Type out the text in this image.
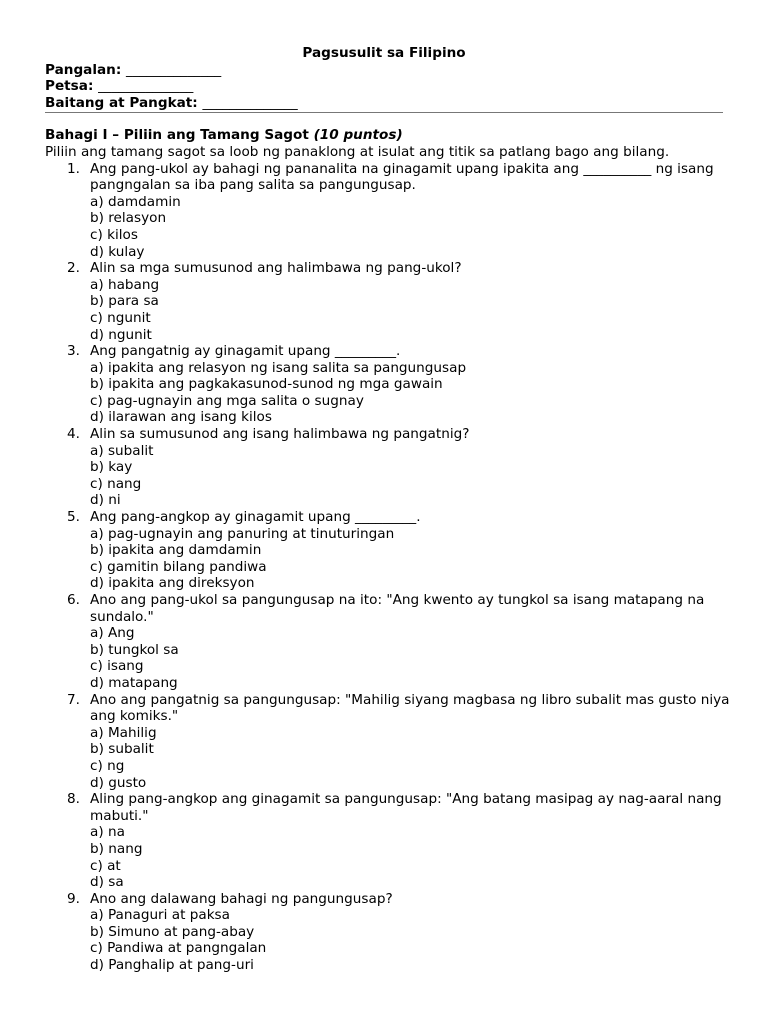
Pagsusulit sa Filipino
Pangalan: ______________
Petsa: ______________
Baitang at Pangkat: ______________
Bahagi I – Piliin ang Tamang Sagot (10 puntos)
Piliin ang tamang sagot sa loob ng panaklong at isulat ang titik sa patlang bago ang bilang.
1. Ang pang-ukol ay bahagi ng pananalita na ginagamit upang ipakita ang __________ ng isang pangngalan sa iba pang salita sa pangungusap.
a) damdamin
b) relasyon
c) kilos
d) kulay
2. Alin sa mga sumusunod ang halimbawa ng pang-ukol?
a) habang
b) para sa
c) ngunit
d) ngunit
3. Ang pangatnig ay ginagamit upang _________.
a) ipakita ang relasyon ng isang salita sa pangungusap
b) ipakita ang pagkakasunod-sunod ng mga gawain
c) pag-ugnayin ang mga salita o sugnay
d) ilarawan ang isang kilos
4. Alin sa sumusunod ang isang halimbawa ng pangatnig?
a) subalit
b) kay
c) nang
d) ni
5. Ang pang-angkop ay ginagamit upang _________.
a) pag-ugnayin ang panuring at tinuturingan
b) ipakita ang damdamin
c) gamitin bilang pandiwa
d) ipakita ang direksyon
6. Ano ang pang-ukol sa pangungusap na ito: "Ang kwento ay tungkol sa isang matapang na sundalo."
a) Ang
b) tungkol sa
c) isang
d) matapang
7. Ano ang pangatnig sa pangungusap: "Mahilig siyang magbasa ng libro subalit mas gusto niya ang komiks."
a) Mahilig
b) subalit
c) ng
d) gusto
8. Aling pang-angkop ang ginagamit sa pangungusap: "Ang batang masipag ay nag-aaral nang mabuti."
a) na
b) nang
c) at
d) sa
9. Ano ang dalawang bahagi ng pangungusap?
a) Panaguri at paksa
b) Simuno at pang-abay
c) Pandiwa at pangngalan
d) Panghalip at pang-uri
